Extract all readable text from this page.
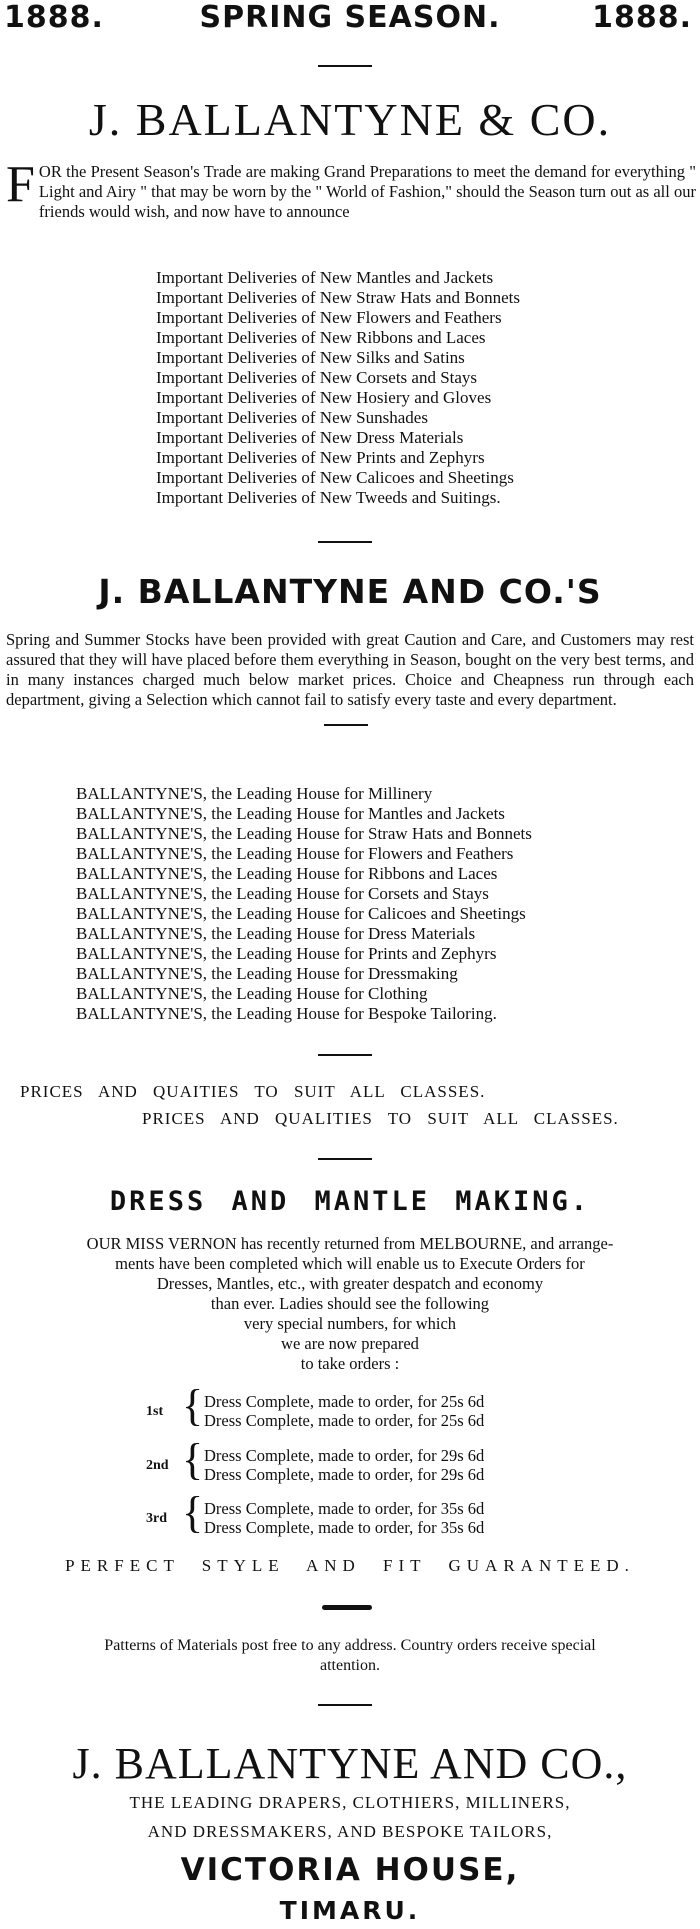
1888.	SPRING SEASON.	1888.
J. BALLANTYNE & CO.
F OR the Present Season's Trade are making Grand Preparations to meet the demand for everything " Light and Airy " that may be worn by the " World of Fashion," should the Season turn out as all our friends would wish, and now have to announce
Important Deliveries of New Mantles and Jackets
Important Deliveries of New Straw Hats and Bonnets
Important Deliveries of New Flowers and Feathers
Important Deliveries of New Ribbons and Laces
Important Deliveries of New Silks and Satins
Important Deliveries of New Corsets and Stays
Important Deliveries of New Hosiery and Gloves
Important Deliveries of New Sunshades
Important Deliveries of New Dress Materials
Important Deliveries of New Prints and Zephyrs
Important Deliveries of New Calicoes and Sheetings
Important Deliveries of New Tweeds and Suitings.
J. BALLANTYNE AND CO.'S
Spring and Summer Stocks have been provided with great Caution and Care, and Customers may rest assured that they will have placed before them everything in Season, bought on the very best terms, and in many instances charged much below market prices. Choice and Cheapness run through each department, giving a Selection which cannot fail to satisfy every taste and every department.
BALLANTYNE'S, the Leading House for Millinery
BALLANTYNE'S, the Leading House for Mantles and Jackets
BALLANTYNE'S, the Leading House for Straw Hats and Bonnets
BALLANTYNE'S, the Leading House for Flowers and Feathers
BALLANTYNE'S, the Leading House for Ribbons and Laces
BALLANTYNE'S, the Leading House for Corsets and Stays
BALLANTYNE'S, the Leading House for Calicoes and Sheetings
BALLANTYNE'S, the Leading House for Dress Materials
BALLANTYNE'S, the Leading House for Prints and Zephyrs
BALLANTYNE'S, the Leading House for Dressmaking
BALLANTYNE'S, the Leading House for Clothing
BALLANTYNE'S, the Leading House for Bespoke Tailoring.
PRICES AND QUAITIES TO SUIT ALL CLASSES.
PRICES AND QUALITIES TO SUIT ALL CLASSES.
DRESS AND MANTLE MAKING.
OUR MISS VERNON has recently returned from MELBOURNE, and arrange-
ments have been completed which will enable us to Execute Orders for
Dresses, Mantles, etc., with greater despatch and economy
than ever. Ladies should see the following
very special numbers, for which
we are now prepared
to take orders :
1st { Dress Complete, made to order, for 25s 6d
Dress Complete, made to order, for 25s 6d
2nd { Dress Complete, made to order, for 29s 6d
Dress Complete, made to order, for 29s 6d
3rd { Dress Complete, made to order, for 35s 6d
Dress Complete, made to order, for 35s 6d
PERFECT STYLE AND FIT GUARANTEED.
Patterns of Materials post free to any address. Country orders receive special
attention.
J. BALLANTYNE AND CO.,
THE LEADING DRAPERS, CLOTHIERS, MILLINERS,
AND DRESSMAKERS, AND BESPOKE TAILORS,
VICTORIA HOUSE,
TIMARU.
